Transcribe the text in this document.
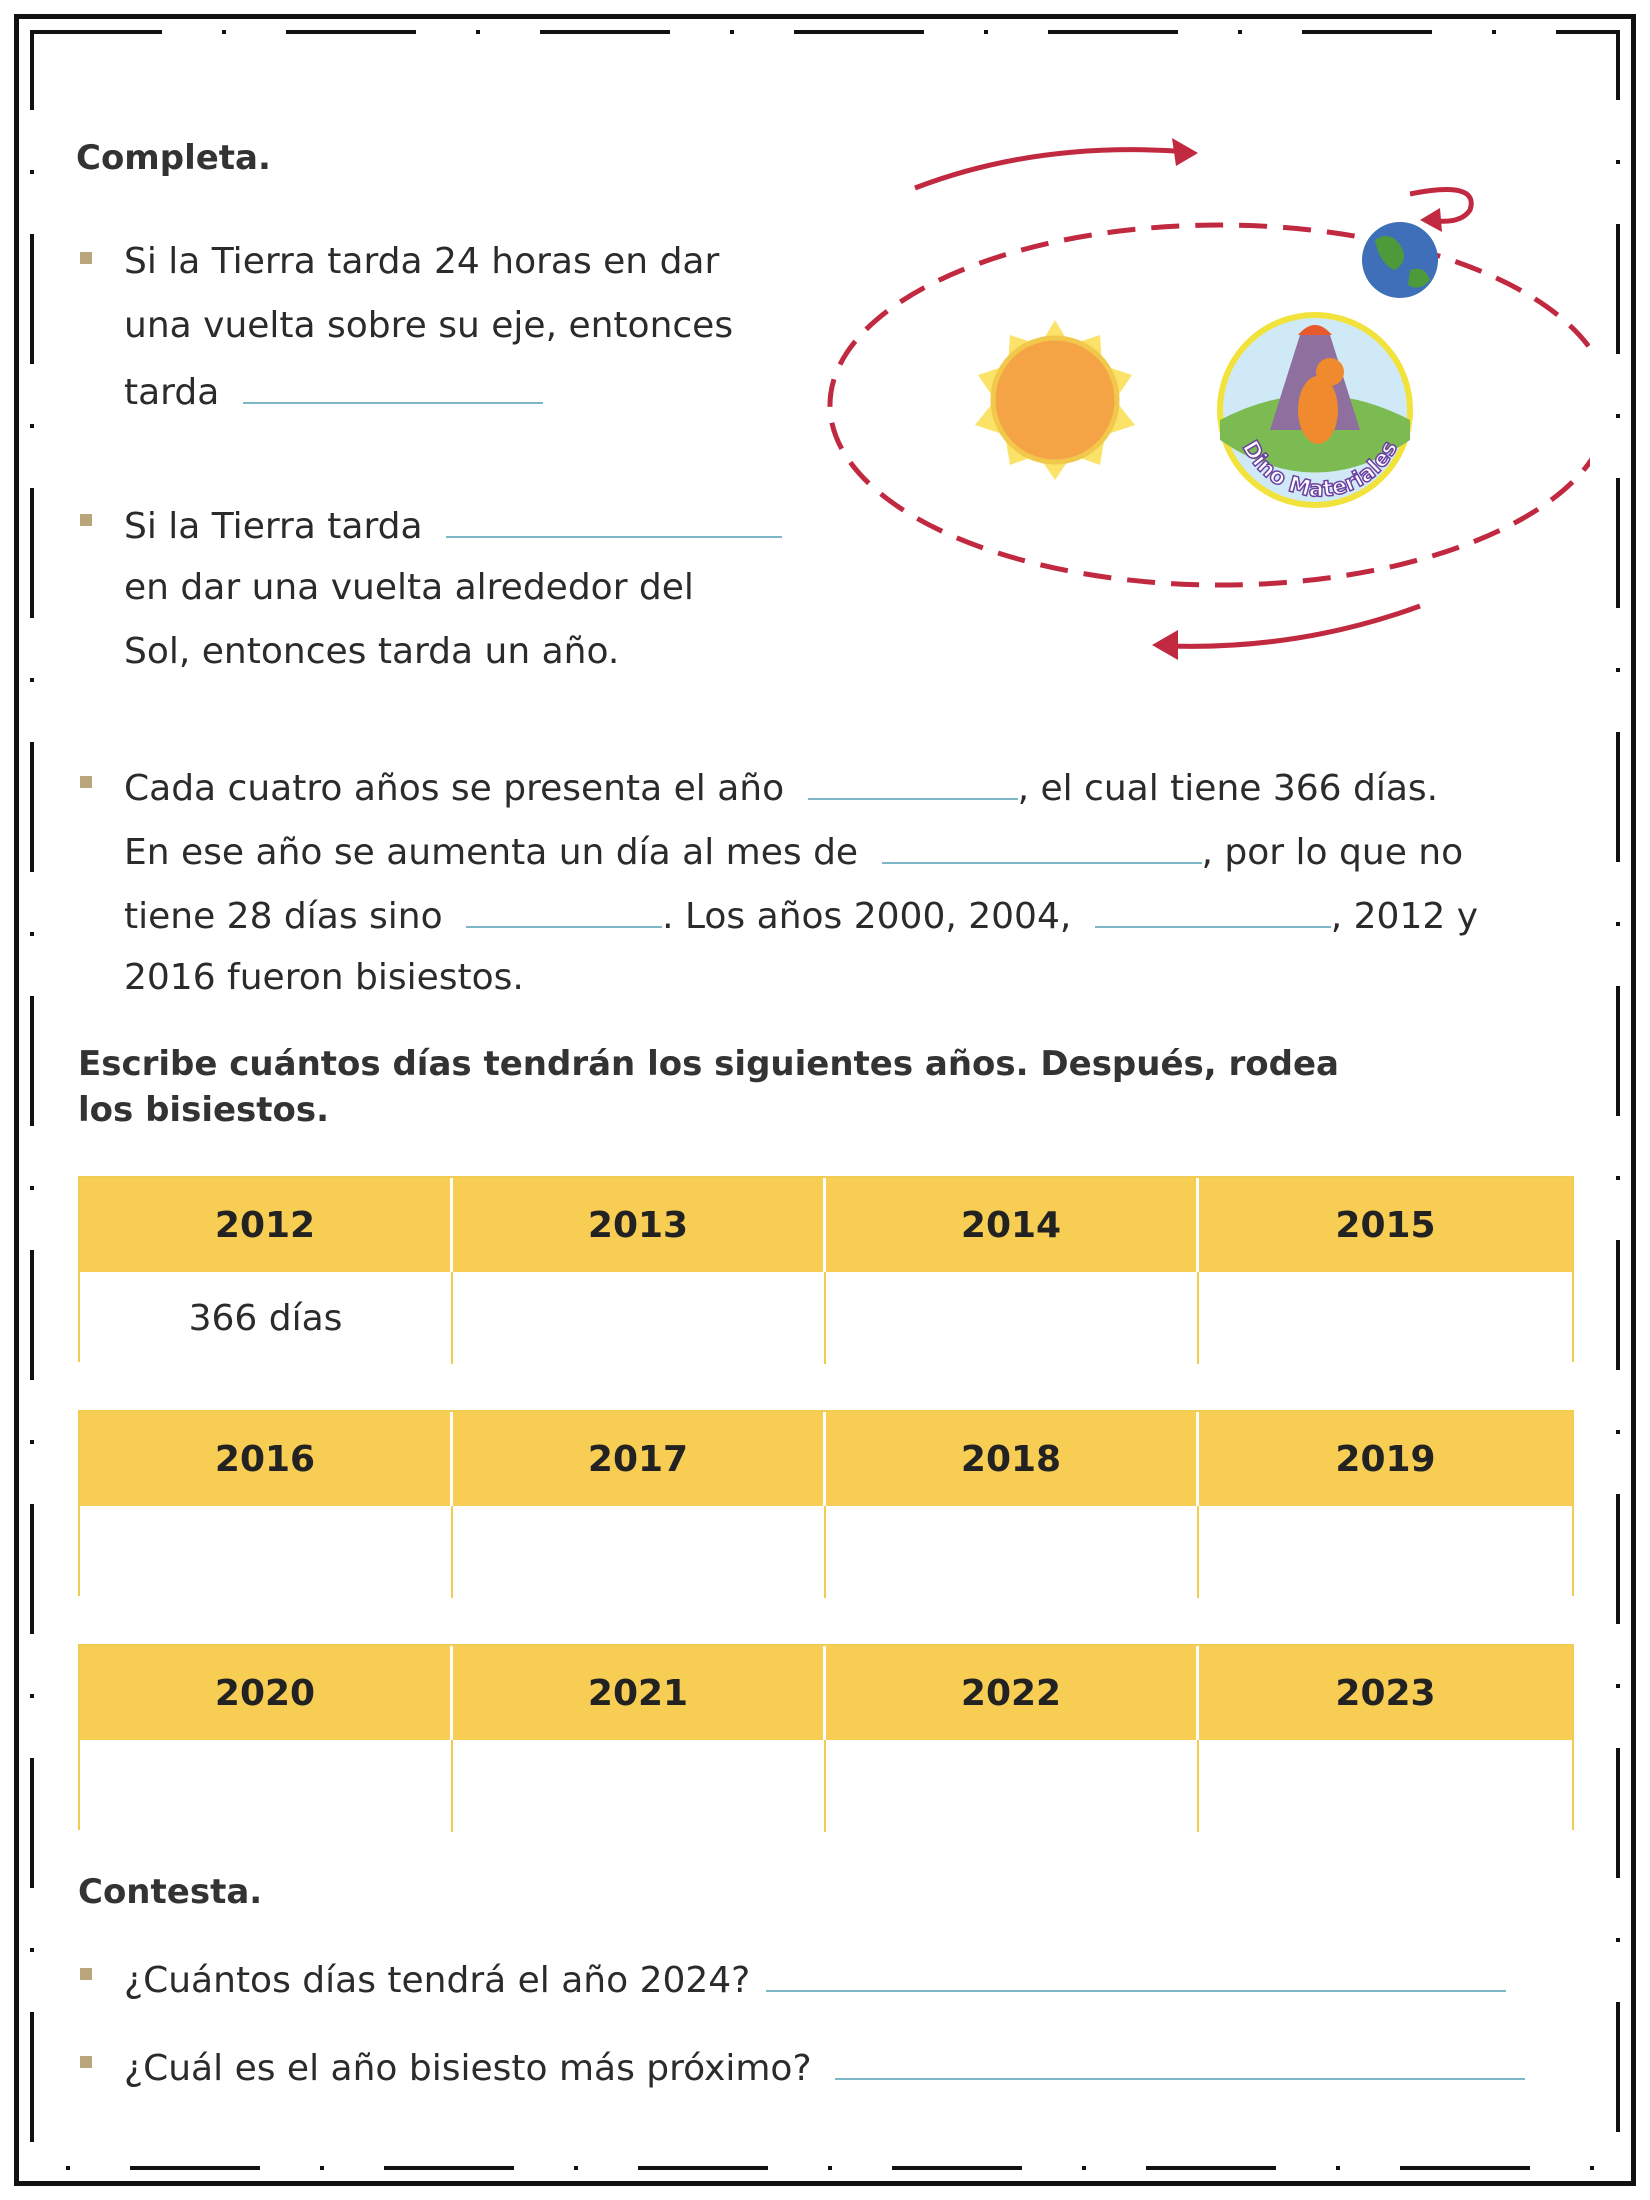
Completa.
Si la Tierra tarda 24 horas en dar
una vuelta sobre su eje, entonces
tarda
Si la Tierra tarda
en dar una vuelta alrededor del
Sol, entonces tarda un año.
Cada cuatro años se presenta el año	, el cual tiene 366 días.
En ese año se aumenta un día al mes de	, por lo que no
tiene 28 días sino	. Los años 2000, 2004,	, 2012 y
2016 fueron bisiestos.
Dino Materiales
Escribe cuántos días tendrán los siguientes años. Después, rodea
los bisiestos.
2012	2013	2014	2015
366 días
2016	2017	2018	2019
2020	2021	2022	2023
Contesta.
¿Cuántos días tendrá el año 2024?
¿Cuál es el año bisiesto más próximo?
